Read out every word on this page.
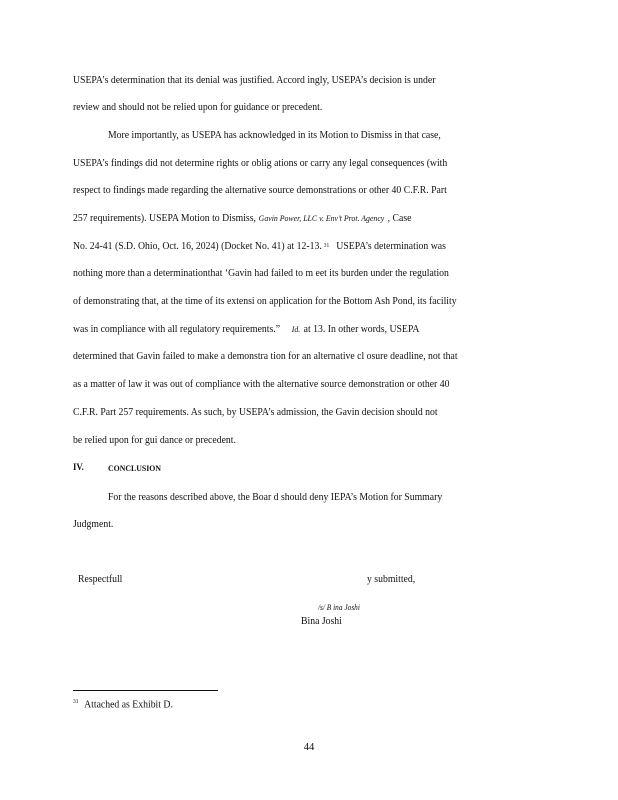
USEPA’s determination that its denial was justified. Accord ingly, USEPA’s decision is under
review and should not be relied upon for guidance or precedent.
More importantly, as USEPA has acknowledged in its Motion to Dismiss in that case,
USEPA’s findings did not determine rights or oblig ations or carry any legal consequences (with
respect to findings made regarding the alternative source demonstrations or other 40 C.F.R. Part
257 requirements). USEPA Motion to Dismiss, Gavin Power, LLC v. Env’t Prot. Agency , Case
No. 24-41 (S.D. Ohio, Oct. 16, 2024) (Docket No. 41) at 12-13. 31 USEPA’s determination was
nothing more than a determinationthat ‘Gavin had failed to m eet its burden under the regulation
of demonstrating that, at the time of its extensi on application for the Bottom Ash Pond, its facility
was in compliance with all regulatory requirements.” Id. at 13. In other words, USEPA
determined that Gavin failed to make a demonstra tion for an alternative cl osure deadline, not that
as a matter of law it was out of compliance with the alternative source demonstration or other 40
IV.	CONCLUSION
C.F.R. Part 257 requirements. As such, by USEPA’s admission, the Gavin decision should not
be relied upon for gui dance or precedent.
For the reasons described above, the Boar d should deny IEPA’s Motion for Summary
Judgment.
Respectfull	y submitted,
/s/ B ina Joshi
Bina Joshi
$^{31}$ Attached as Exhibit D.
44
